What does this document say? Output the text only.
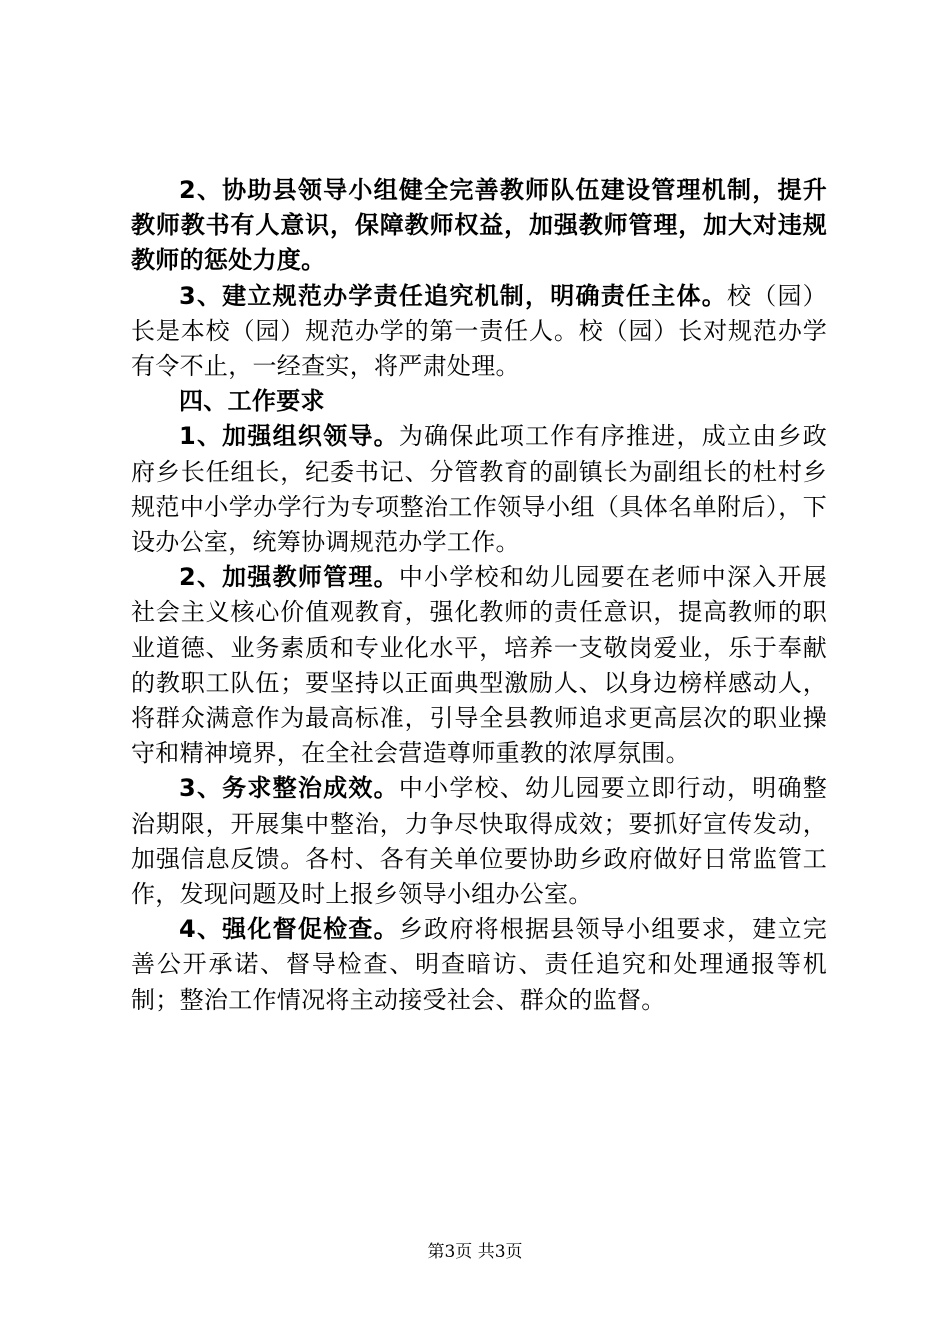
2、协助县领导小组健全完善教师队伍建设管理机制，提升教师教书有人意识，保障教师权益，加强教师管理，加大对违规教师的惩处力度。

3、建立规范办学责任追究机制，明确责任主体。校（园）长是本校（园）规范办学的第一责任人。校（园）长对规范办学有令不止，一经查实，将严肃处理。

四、工作要求

1、加强组织领导。为确保此项工作有序推进，成立由乡政府乡长任组长，纪委书记、分管教育的副镇长为副组长的杜村乡规范中小学办学行为专项整治工作领导小组（具体名单附后），下设办公室，统筹协调规范办学工作。

2、加强教师管理。中小学校和幼儿园要在老师中深入开展社会主义核心价值观教育，强化教师的责任意识，提高教师的职业道德、业务素质和专业化水平，培养一支敬岗爱业，乐于奉献的教职工队伍；要坚持以正面典型激励人、以身边榜样感动人，将群众满意作为最高标准，引导全县教师追求更高层次的职业操守和精神境界，在全社会营造尊师重教的浓厚氛围。

3、务求整治成效。中小学校、幼儿园要立即行动，明确整治期限，开展集中整治，力争尽快取得成效；要抓好宣传发动，加强信息反馈。各村、各有关单位要协助乡政府做好日常监管工作，发现问题及时上报乡领导小组办公室。

4、强化督促检查。乡政府将根据县领导小组要求，建立完善公开承诺、督导检查、明查暗访、责任追究和处理通报等机制；整治工作情况将主动接受社会、群众的监督。

第3页 共3页
